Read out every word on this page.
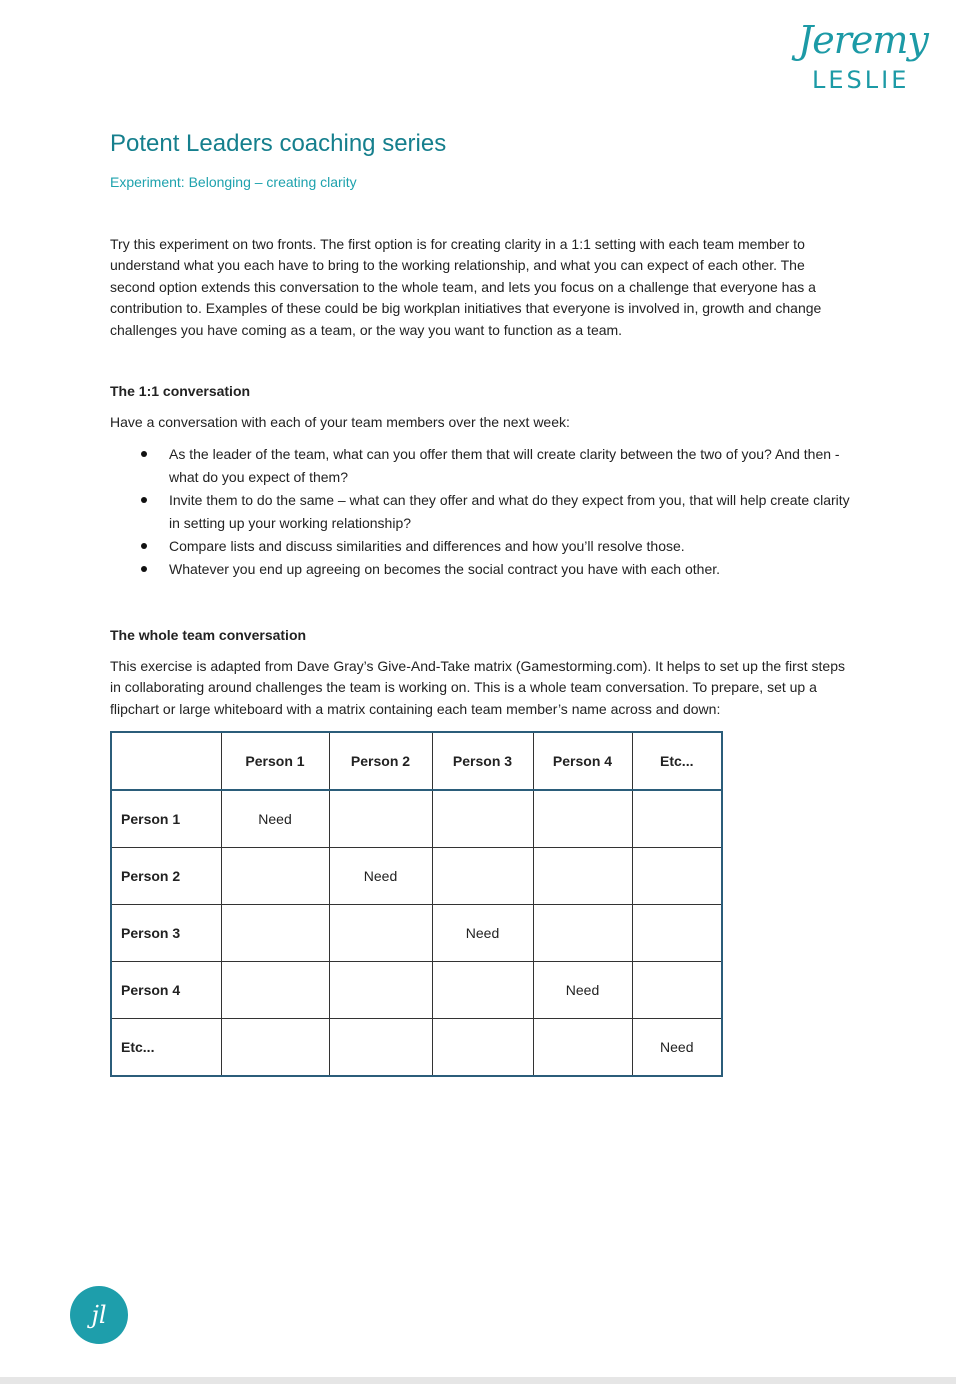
Jeremy
LESLIE
Potent Leaders coaching series
Experiment: Belonging – creating clarity

Try this experiment on two fronts. The first option is for creating clarity in a 1:1 setting with each team member to understand what you each have to bring to the working relationship, and what you can expect of each other. The second option extends this conversation to the whole team, and lets you focus on a challenge that everyone has a contribution to. Examples of these could be big workplan initiatives that everyone is involved in, growth and change challenges you have coming as a team, or the way you want to function as a team.

The 1:1 conversation

Have a conversation with each of your team members over the next week:

As the leader of the team, what can you offer them that will create clarity between the two of you? And then - what do you expect of them?
Invite them to do the same – what can they offer and what do they expect from you, that will help create clarity in setting up your working relationship?
Compare lists and discuss similarities and differences and how you’ll resolve those.
Whatever you end up agreeing on becomes the social contract you have with each other.
The whole team conversation

This exercise is adapted from Dave Gray’s Give-And-Take matrix (Gamestorming.com). It helps to set up the first steps in collaborating around challenges the team is working on. This is a whole team conversation. To prepare, set up a flipchart or large whiteboard with a matrix containing each team member’s name across and down:

	Person 1	Person 2	Person 3	Person 4	Etc...
Person 1	Need				
Person 2		Need			
Person 3			Need		
Person 4				Need	
Etc...					Need
jl
